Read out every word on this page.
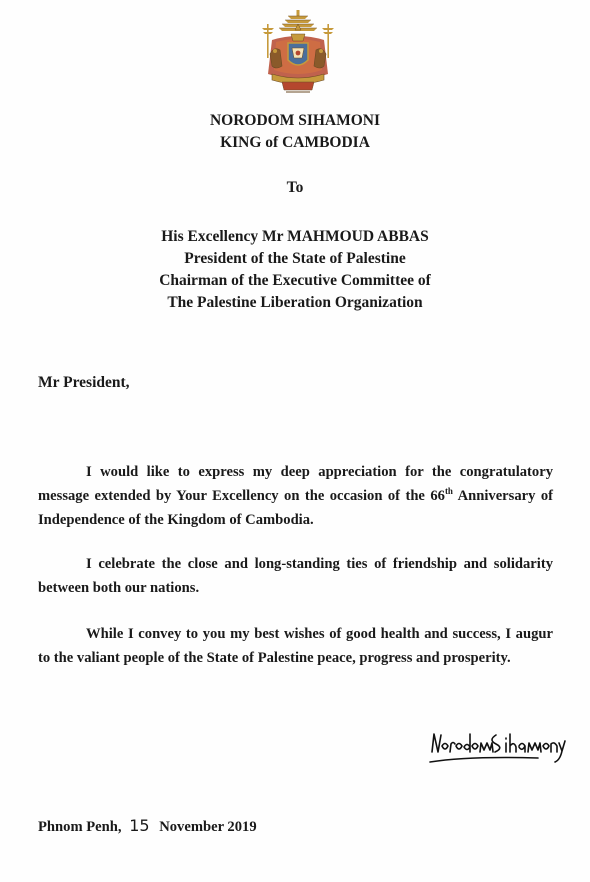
NORODOM SIHAMONI
KING of CAMBODIA
To
His Excellency Mr MAHMOUD ABBAS
President of the State of Palestine
Chairman of the Executive Committee of
The Palestine Liberation Organization
Mr President,

I would like to express my deep appreciation for the congratulatory message extended by Your Excellency on the occasion of the 66th Anniversary of Independence of the Kingdom of Cambodia.

I celebrate the close and long-standing ties of friendship and solidarity between both our nations.

While I convey to you my best wishes of good health and success, I augur to the valiant people of the State of Palestine peace, progress and prosperity.

Phnom Penh, 15 November 2019
